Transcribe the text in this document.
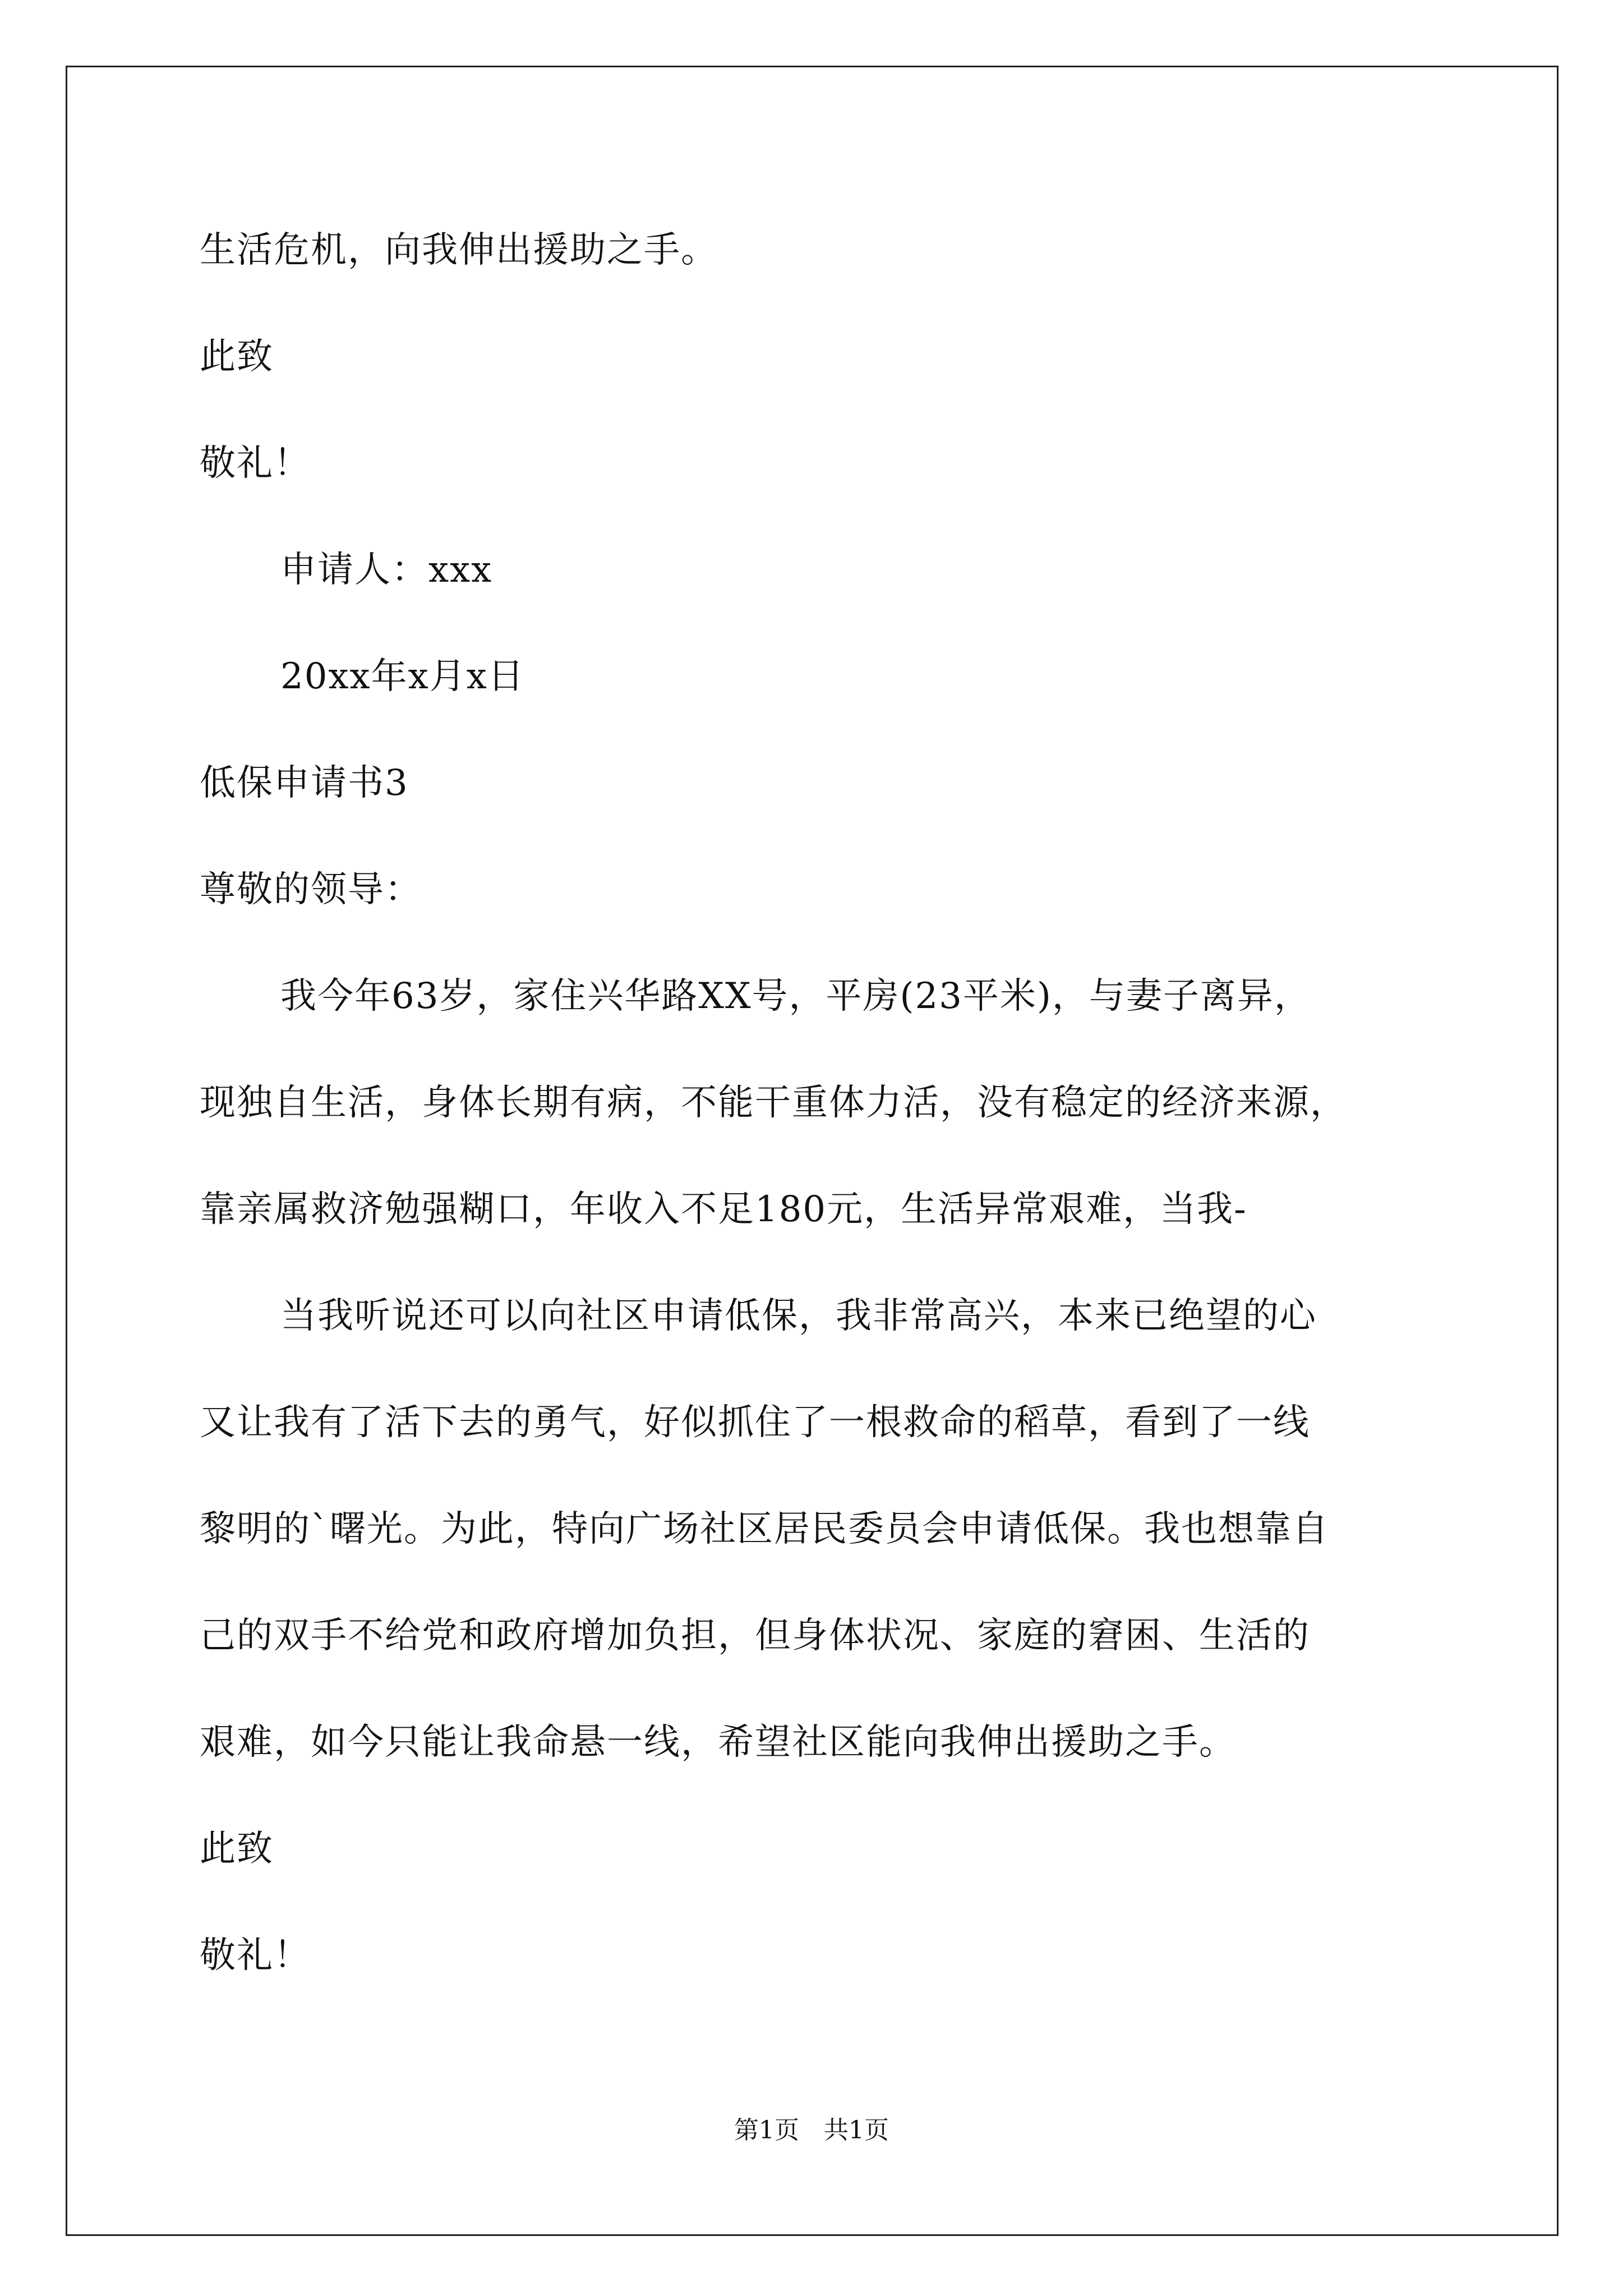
生活危机，向我伸出援助之手。
此致
敬礼！
申请人：xxx
20xx年x月x日
低保申请书3
尊敬的领导：
我今年63岁，家住兴华路XX号，平房(23平米)，与妻子离异，
现独自生活，身体长期有病，不能干重体力活，没有稳定的经济来源，
靠亲属救济勉强糊口，年收入不足180元，生活异常艰难，当我-
当我听说还可以向社区申请低保，我非常高兴，本来已绝望的心
又让我有了活下去的勇气，好似抓住了一根救命的稻草，看到了一线
黎明的`曙光。为此，特向广场社区居民委员会申请低保。我也想靠自
己的双手不给党和政府增加负担，但身体状况、家庭的窘困、生活的
艰难，如今只能让我命悬一线，希望社区能向我伸出援助之手。
此致
敬礼！
第1页 共1页
